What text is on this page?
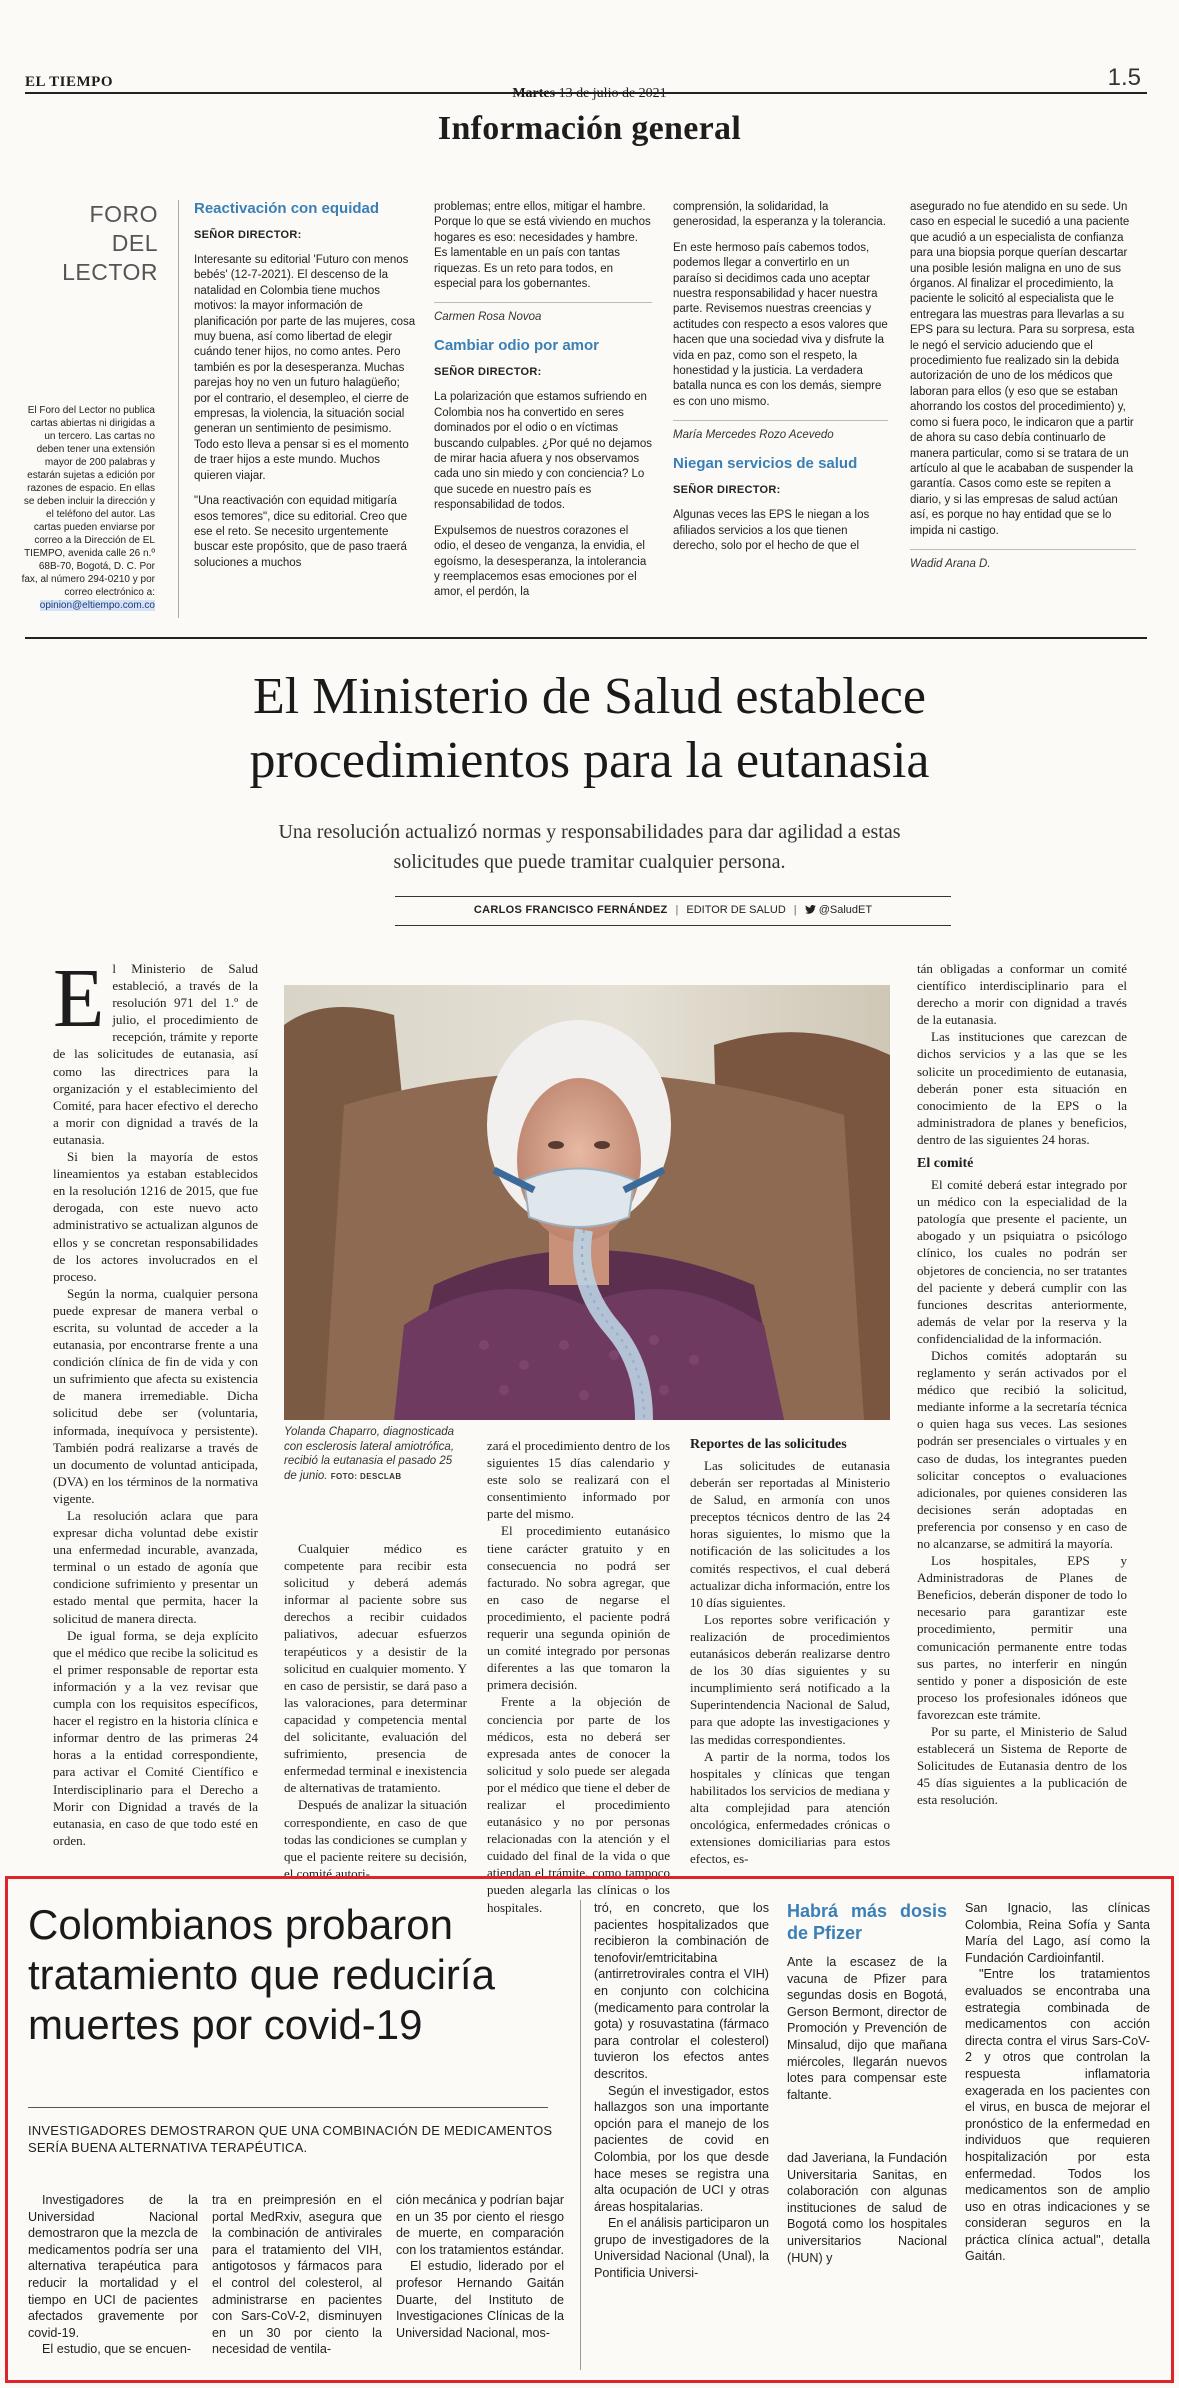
EL TIEMPO	1.5
Martes 13 de julio de 2021
Información general
FORO DEL LECTOR
El Foro del Lector no publica cartas abiertas ni dirigidas a un tercero. Las cartas no deben tener una extensión mayor de 200 palabras y estarán sujetas a edición por razones de espacio. En ellas se deben incluir la dirección y el teléfono del autor. Las cartas pueden enviarse por correo a la Dirección de EL TIEMPO, avenida calle 26 n.º 68B-70, Bogotá, D. C. Por fax, al número 294-0210 y por correo electrónico a: opinion@eltiempo.com.co
Reactivación con equidad
SEÑOR DIRECTOR:

Interesante su editorial 'Futuro con menos bebés' (12-7-2021). El descenso de la natalidad en Colombia tiene muchos motivos: la mayor información de planificación por parte de las mujeres, cosa muy buena, así como libertad de elegir cuándo tener hijos, no como antes. Pero también es por la desesperanza. Muchas parejas hoy no ven un futuro halagüeño; por el contrario, el desempleo, el cierre de empresas, la violencia, la situación social generan un sentimiento de pesimismo. Todo esto lleva a pensar si es el momento de traer hijos a este mundo. Muchos quieren viajar.

"Una reactivación con equidad mitigaría esos temores", dice su editorial. Creo que ese el reto. Se necesito urgentemente buscar este propósito, que de paso traerá soluciones a muchos

problemas; entre ellos, mitigar el hambre. Porque lo que se está viviendo en muchos hogares es eso: necesidades y hambre. Es lamentable en un país con tantas riquezas. Es un reto para todos, en especial para los gobernantes.

Carmen Rosa Novoa
Cambiar odio por amor
SEÑOR DIRECTOR:

La polarización que estamos sufriendo en Colombia nos ha convertido en seres dominados por el odio o en víctimas buscando culpables. ¿Por qué no dejamos de mirar hacia afuera y nos observamos cada uno sin miedo y con conciencia? Lo que sucede en nuestro país es responsabilidad de todos.

Expulsemos de nuestros corazones el odio, el deseo de venganza, la envidia, el egoísmo, la desesperanza, la intolerancia y reemplacemos esas emociones por el amor, el perdón, la

comprensión, la solidaridad, la generosidad, la esperanza y la tolerancia.

En este hermoso país cabemos todos, podemos llegar a convertirlo en un paraíso si decidimos cada uno aceptar nuestra responsabilidad y hacer nuestra parte. Revisemos nuestras creencias y actitudes con respecto a esos valores que hacen que una sociedad viva y disfrute la vida en paz, como son el respeto, la honestidad y la justicia. La verdadera batalla nunca es con los demás, siempre es con uno mismo.

María Mercedes Rozo Acevedo
Niegan servicios de salud
SEÑOR DIRECTOR:

Algunas veces las EPS le niegan a los afiliados servicios a los que tienen derecho, solo por el hecho de que el

asegurado no fue atendido en su sede. Un caso en especial le sucedió a una paciente que acudió a un especialista de confianza para una biopsia porque querían descartar una posible lesión maligna en uno de sus órganos. Al finalizar el procedimiento, la paciente le solicitó al especialista que le entregara las muestras para llevarlas a su EPS para su lectura. Para su sorpresa, esta le negó el servicio aduciendo que el procedimiento fue realizado sin la debida autorización de uno de los médicos que laboran para ellos (y eso que se estaban ahorrando los costos del procedimiento) y, como si fuera poco, le indicaron que a partir de ahora su caso debía continuarlo de manera particular, como si se tratara de un artículo al que le acababan de suspender la garantía. Casos como este se repiten a diario, y si las empresas de salud actúan así, es porque no hay entidad que se lo impida ni castigo.

Wadid Arana D.
El Ministerio de Salud establece procedimientos para la eutanasia
Una resolución actualizó normas y responsabilidades para dar agilidad a estas solicitudes que puede tramitar cualquier persona.
CARLOS FRANCISCO FERNÁNDEZ | EDITOR DE SALUD | @SaludET

El Ministerio de Salud estableció, a través de la resolución 971 del 1.º de julio, el procedimiento de recepción, trámite y reporte de las solicitudes de eutanasia, así como las directrices para la organización y el establecimiento del Comité, para hacer efectivo el derecho a morir con dignidad a través de la eutanasia.

Si bien la mayoría de estos lineamientos ya estaban establecidos en la resolución 1216 de 2015, que fue derogada, con este nuevo acto administrativo se actualizan algunos de ellos y se concretan responsabilidades de los actores involucrados en el proceso.

Según la norma, cualquier persona puede expresar de manera verbal o escrita, su voluntad de acceder a la eutanasia, por encontrarse frente a una condición clínica de fin de vida y con un sufrimiento que afecta su existencia de manera irremediable. Dicha solicitud debe ser (voluntaria, informada, inequívoca y persistente). También podrá realizarse a través de un documento de voluntad anticipada, (DVA) en los términos de la normativa vigente.

La resolución aclara que para expresar dicha voluntad debe existir una enfermedad incurable, avanzada, terminal o un estado de agonía que condicione sufrimiento y presentar un estado mental que permita, hacer la solicitud de manera directa.

De igual forma, se deja explícito que el médico que recibe la solicitud es el primer responsable de reportar esta información y a la vez revisar que cumpla con los requisitos específicos, hacer el registro en la historia clínica e informar dentro de las primeras 24 horas a la entidad correspondiente, para activar el Comité Científico e Interdisciplinario para el Derecho a Morir con Dignidad a través de la eutanasia, en caso de que todo esté en orden.

Yolanda Chaparro, diagnosticada con esclerosis lateral amiotrófica, recibió la eutanasia el pasado 25 de junio. FOTO: DESCLAB

Cualquier médico es competente para recibir esta solicitud y deberá además informar al paciente sobre sus derechos a recibir cuidados paliativos, adecuar esfuerzos terapéuticos y a desistir de la solicitud en cualquier momento. Y en caso de persistir, se dará paso a las valoraciones, para determinar capacidad y competencia mental del solicitante, evaluación del sufrimiento, presencia de enfermedad terminal e inexistencia de alternativas de tratamiento.

Después de analizar la situación correspondiente, en caso de que todas las condiciones se cumplan y que el paciente reitere su decisión, el comité autori-

zará el procedimiento dentro de los siguientes 15 días calendario y este solo se realizará con el consentimiento informado por parte del mismo.

El procedimiento eutanásico tiene carácter gratuito y en consecuencia no podrá ser facturado. No sobra agregar, que en caso de negarse el procedimiento, el paciente podrá requerir una segunda opinión de un comité integrado por personas diferentes a las que tomaron la primera decisión.

Frente a la objeción de conciencia por parte de los médicos, esta no deberá ser expresada antes de conocer la solicitud y solo puede ser alegada por el médico que tiene el deber de realizar el procedimiento eutanásico y no por personas relacionadas con la atención y el cuidado del final de la vida o que atiendan el trámite, como tampoco pueden alegarla las clínicas o los hospitales.

Reportes de las solicitudes

Las solicitudes de eutanasia deberán ser reportadas al Ministerio de Salud, en armonía con unos preceptos técnicos dentro de las 24 horas siguientes, lo mismo que la notificación de las solicitudes a los comités respectivos, el cual deberá actualizar dicha información, entre los 10 días siguientes.

Los reportes sobre verificación y realización de procedimientos eutanásicos deberán realizarse dentro de los 30 días siguientes y su incumplimiento será notificado a la Superintendencia Nacional de Salud, para que adopte las investigaciones y las medidas correspondientes.

A partir de la norma, todos los hospitales y clínicas que tengan habilitados los servicios de mediana y alta complejidad para atención oncológica, enfermedades crónicas o extensiones domiciliarias para estos efectos, es-

tán obligadas a conformar un comité científico interdisciplinario para el derecho a morir con dignidad a través de la eutanasia.

Las instituciones que carezcan de dichos servicios y a las que se les solicite un procedimiento de eutanasia, deberán poner esta situación en conocimiento de la EPS o la administradora de planes y beneficios, dentro de las siguientes 24 horas.

El comité

El comité deberá estar integrado por un médico con la especialidad de la patología que presente el paciente, un abogado y un psiquiatra o psicólogo clínico, los cuales no podrán ser objetores de conciencia, no ser tratantes del paciente y deberá cumplir con las funciones descritas anteriormente, además de velar por la reserva y la confidencialidad de la información.

Dichos comités adoptarán su reglamento y serán activados por el médico que recibió la solicitud, mediante informe a la secretaría técnica o quien haga sus veces. Las sesiones podrán ser presenciales o virtuales y en caso de dudas, los integrantes pueden solicitar conceptos o evaluaciones adicionales, por quienes consideren las decisiones serán adoptadas en preferencia por consenso y en caso de no alcanzarse, se admitirá la mayoría.

Los hospitales, EPS y Administradoras de Planes de Beneficios, deberán disponer de todo lo necesario para garantizar este procedimiento, permitir una comunicación permanente entre todas sus partes, no interferir en ningún sentido y poner a disposición de este proceso los profesionales idóneos que favorezcan este trámite.

Por su parte, el Ministerio de Salud establecerá un Sistema de Reporte de Solicitudes de Eutanasia dentro de los 45 días siguientes a la publicación de esta resolución.

Colombianos probaron tratamiento que reduciría muertes por covid-19
INVESTIGADORES DEMOSTRARON QUE UNA COMBINACIÓN DE MEDICAMENTOS SERÍA BUENA ALTERNATIVA TERAPÉUTICA.

Investigadores de la Universidad Nacional demostraron que la mezcla de medicamentos podría ser una alternativa terapéutica para reducir la mortalidad y el tiempo en UCI de pacientes afectados gravemente por covid-19.

El estudio, que se encuen-

tra en preimpresión en el portal MedRxiv, asegura que la combinación de antivirales para el tratamiento del VIH, antigotosos y fármacos para el control del colesterol, al administrarse en pacientes con Sars-CoV-2, disminuyen en un 30 por ciento la necesidad de ventila-

ción mecánica y podrían bajar en un 35 por ciento el riesgo de muerte, en comparación con los tratamientos estándar.

El estudio, liderado por el profesor Hernando Gaitán Duarte, del Instituto de Investigaciones Clínicas de la Universidad Nacional, mos-

tró, en concreto, que los pacientes hospitalizados que recibieron la combinación de tenofovir/emtricitabina (antirretrovirales contra el VIH) en conjunto con colchicina (medicamento para controlar la gota) y rosuvastatina (fármaco para controlar el colesterol) tuvieron los efectos antes descritos.

Según el investigador, estos hallazgos son una importante opción para el manejo de los pacientes de covid en Colombia, por los que desde hace meses se registra una alta ocupación de UCI y otras áreas hospitalarias.

En el análisis participaron un grupo de investigadores de la Universidad Nacional (Unal), la Pontificia Universi-

Habrá más dosis de Pfizer

Ante la escasez de la vacuna de Pfizer para segundas dosis en Bogotá, Gerson Bermont, director de Promoción y Prevención de Minsalud, dijo que mañana miércoles, llegarán nuevos lotes para compensar este faltante.

dad Javeriana, la Fundación Universitaria Sanitas, en colaboración con algunas instituciones de salud de Bogotá como los hospitales universitarios Nacional (HUN) y

San Ignacio, las clínicas Colombia, Reina Sofía y Santa María del Lago, así como la Fundación Cardioinfantil.

"Entre los tratamientos evaluados se encontraba una estrategia combinada de medicamentos con acción directa contra el virus Sars-CoV-2 y otros que controlan la respuesta inflamatoria exagerada en los pacientes con el virus, en busca de mejorar el pronóstico de la enfermedad en individuos que requieren hospitalización por esta enfermedad. Todos los medicamentos son de amplio uso en otras indicaciones y se consideran seguros en la práctica clínica actual", detalla Gaitán.
